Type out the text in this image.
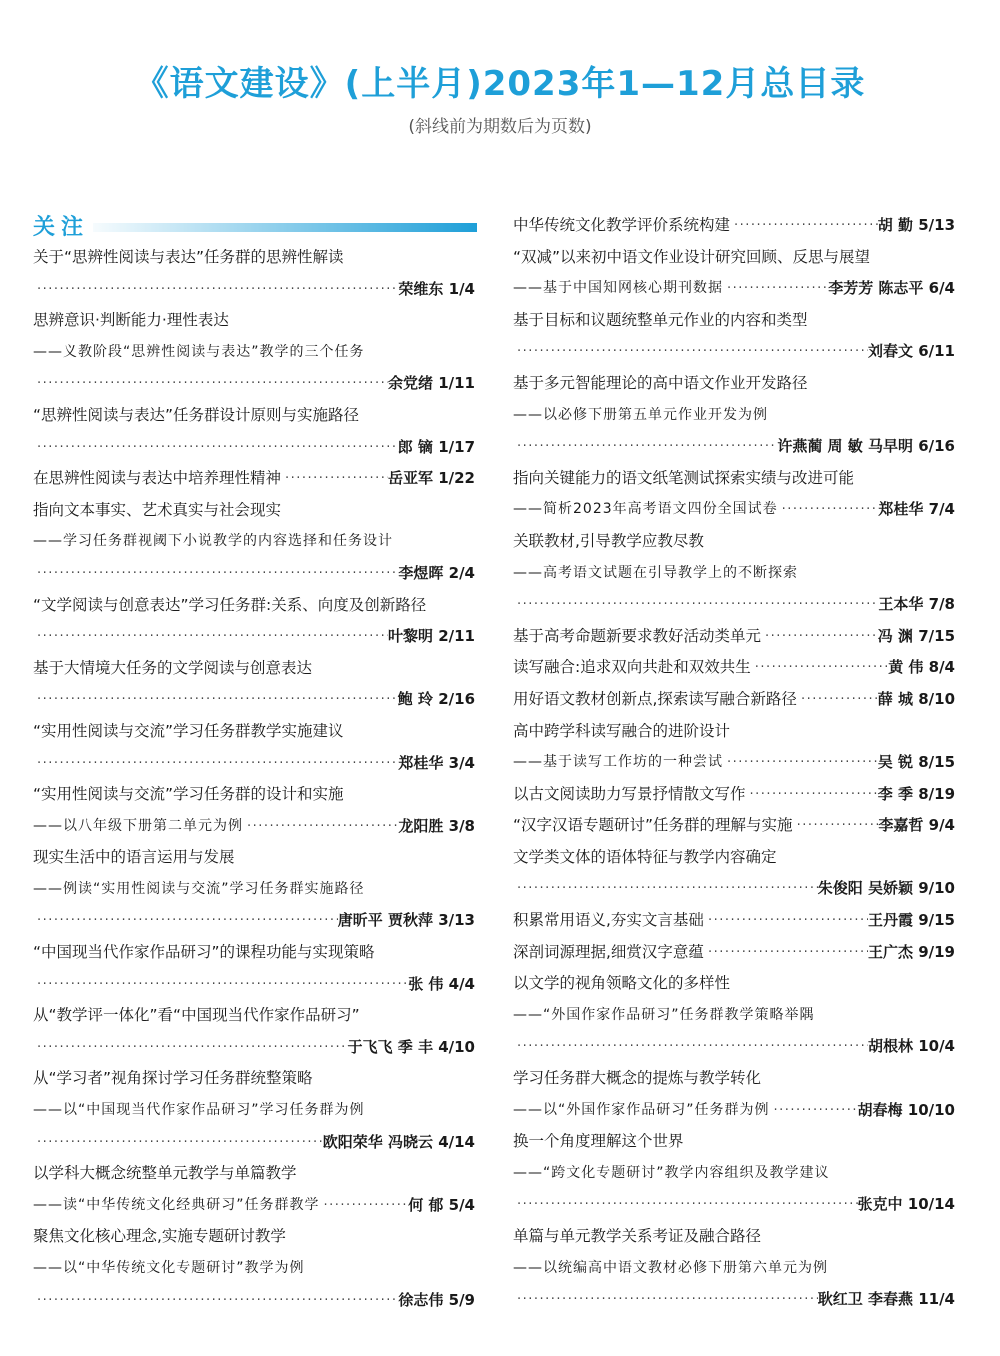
《语文建设》(上半月)2023年1—12月总目录
(斜线前为期数后为页数)
关注
关于“思辨性阅读与表达”任务群的思辨性解读
·····
荣维东 1/4
思辨意识·判断能力·理性表达
——义教阶段“思辨性阅读与表达”教学的三个任务
·····
余党绪 1/11
“思辨性阅读与表达”任务群设计原则与实施路径
·····
郎 镝 1/17
在思辨性阅读与表达中培养理性精神 ·····	岳亚军 1/22
指向文本事实、艺术真实与社会现实
——学习任务群视阈下小说教学的内容选择和任务设计
·····
李煜晖 2/4
“文学阅读与创意表达”学习任务群:关系、向度及创新路径
·····
叶黎明 2/11
基于大情境大任务的文学阅读与创意表达
·····
鲍 玲 2/16
“实用性阅读与交流”学习任务群教学实施建议
·····
郑桂华 3/4
“实用性阅读与交流”学习任务群的设计和实施
——以八年级下册第二单元为例 ·····	龙阳胜 3/8
现实生活中的语言运用与发展
——例读“实用性阅读与交流”学习任务群实施路径
·····
唐昕平 贾秋萍 3/13
“中国现当代作家作品研习”的课程功能与实现策略
·····
张 伟 4/4
从“教学评一体化”看“中国现当代作家作品研习”
·····
于飞飞 季 丰 4/10
从“学习者”视角探讨学习任务群统整策略
——以“中国现当代作家作品研习”学习任务群为例
·····
欧阳荣华 冯晓云 4/14
以学科大概念统整单元教学与单篇教学
——读“中华传统文化经典研习”任务群教学 ·····	何 郁 5/4
聚焦文化核心理念,实施专题研讨教学
——以“中华传统文化专题研讨”教学为例
·····
徐志伟 5/9
中华传统文化教学评价系统构建 ·····	胡 勤 5/13
“双减”以来初中语文作业设计研究回顾、反思与展望
——基于中国知网核心期刊数据 ·····	李芳芳 陈志平 6/4
基于目标和议题统整单元作业的内容和类型
·····
刘春文 6/11
基于多元智能理论的高中语文作业开发路径
——以必修下册第五单元作业开发为例
·····
许燕蔺 周 敏 马早明 6/16
指向关键能力的语文纸笔测试探索实绩与改进可能
——简析2023年高考语文四份全国试卷 ·····	郑桂华 7/4
关联教材,引导教学应教尽教
——高考语文试题在引导教学上的不断探索
·····
王本华 7/8
基于高考命题新要求教好活动类单元 ·····	冯 渊 7/15
读写融合:追求双向共赴和双效共生 ·····	黄 伟 8/4
用好语文教材创新点,探索读写融合新路径 ·····	薛 城 8/10
高中跨学科读写融合的进阶设计
——基于读写工作坊的一种尝试 ·····	吴 锐 8/15
以古文阅读助力写景抒情散文写作 ·····	李 季 8/19
“汉字汉语专题研讨”任务群的理解与实施 ·····	李嘉哲 9/4
文学类文体的语体特征与教学内容确定
·····
朱俊阳 吴娇颖 9/10
积累常用语义,夯实文言基础 ·····	王丹霞 9/15
深剖词源理据,细赏汉字意蕴 ·····	王广杰 9/19
以文学的视角领略文化的多样性
——“外国作家作品研习”任务群教学策略举隅
·····
胡根林 10/4
学习任务群大概念的提炼与教学转化
——以“外国作家作品研习”任务群为例 ·····	胡春梅 10/10
换一个角度理解这个世界
——“跨文化专题研讨”教学内容组织及教学建议
·····
张克中 10/14
单篇与单元教学关系考证及融合路径
——以统编高中语文教材必修下册第六单元为例
·····
耿红卫 李春燕 11/4
